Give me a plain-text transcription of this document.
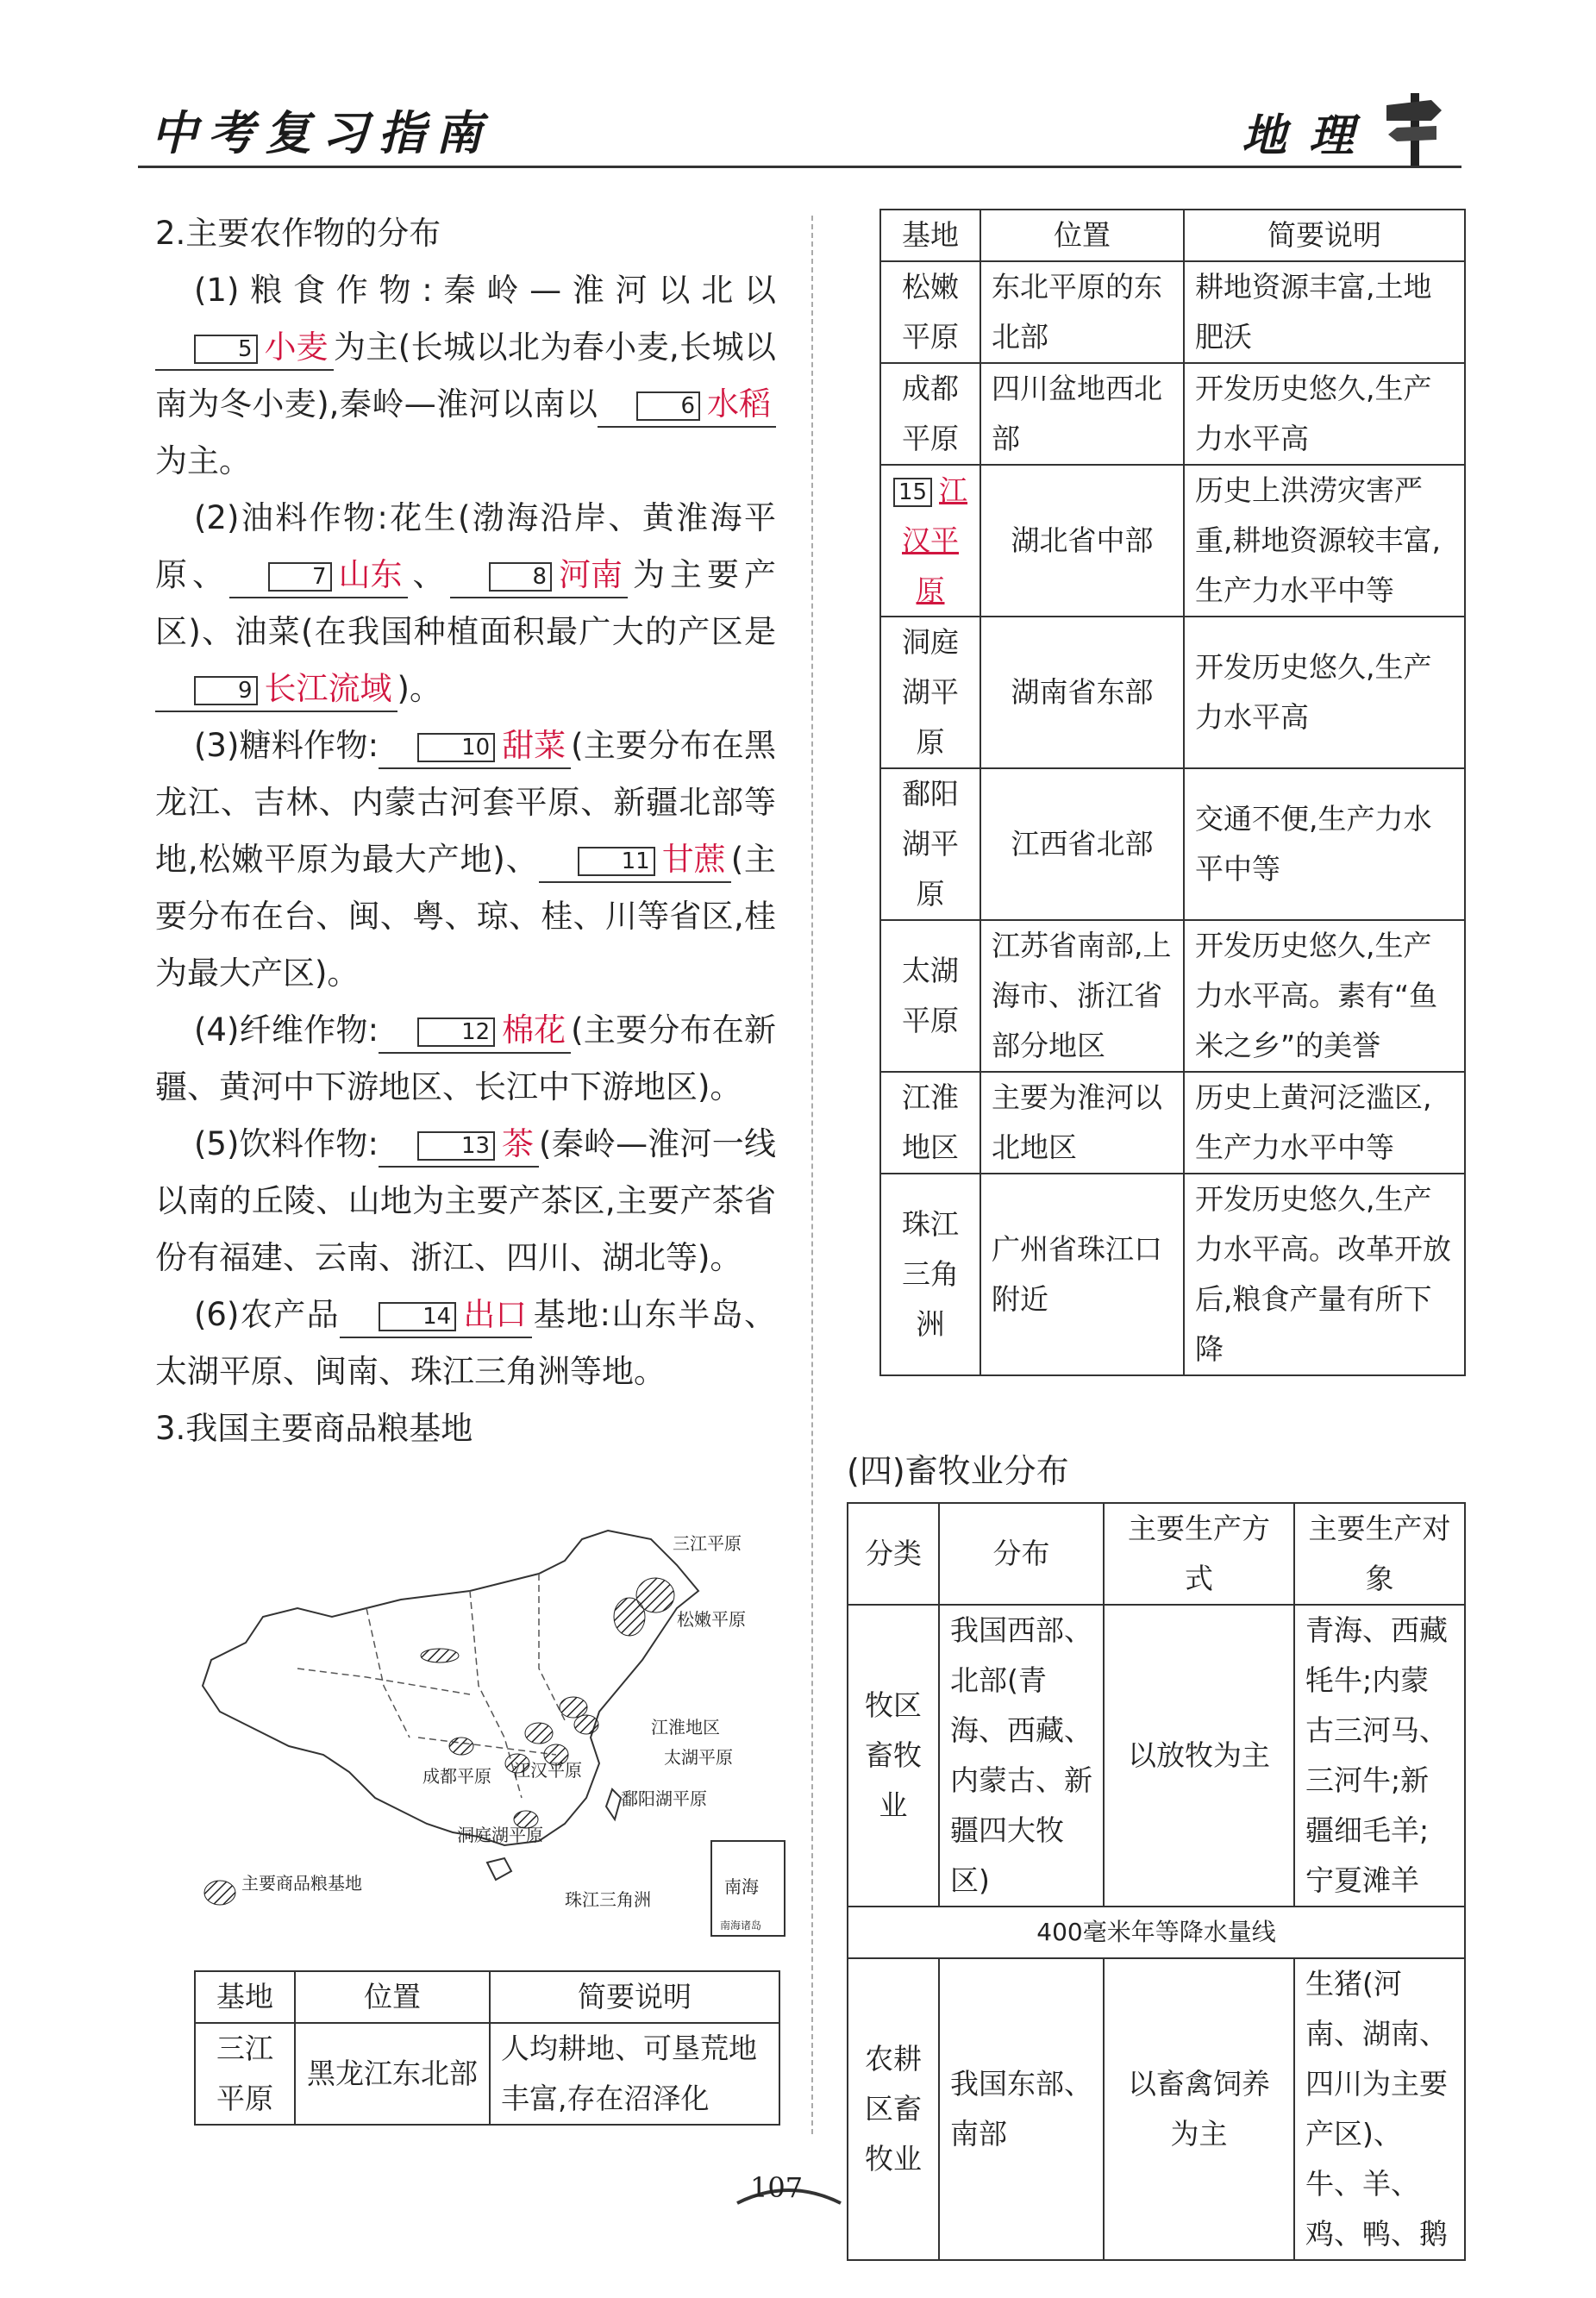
中考复习指南	地理

2.主要农作物的分布

(1)粮食作物:秦岭—淮河以北以5 小麦 为主(长城以北为春小麦,长城以南为冬小麦),秦岭—淮河以南以	6 水稻为主。

(2)油料作物:花生(渤海沿岸、黄淮海平原、	7 山东 、	8 河南 为主要产区)、油菜(在我国种植面积最广大的产区是9 长江流域 )。

(3)糖料作物:	10 甜菜 (主要分布在黑龙江、吉林、内蒙古河套平原、新疆北部等地,松嫩平原为最大产地)、	11 甘蔗 (主要分布在台、闽、粤、琼、桂、川等省区,桂为最大产区)。

(4)纤维作物:	12 棉花 (主要分布在新疆、黄河中下游地区、长江中下游地区)。

(5)饮料作物:	13 茶 (秦岭—淮河一线以南的丘陵、山地为主要产茶区,主要产茶省份有福建、云南、浙江、四川、湖北等)。

(6)农产品	14 出口 基地:山东半岛、太湖平原、闽南、珠江三角洲等地。

3.我国主要商品粮基地

三江平原
松嫩平原
江淮地区
太湖平原
江汉平原
成都平原
鄱阳湖平原
洞庭湖平原
珠江三角洲
南海
南海诸岛
主要商品粮基地
基地	位置	简要说明
三江平原	黑龙江东北部	人均耕地、可垦荒地丰富,存在沼泽化
基地	位置	简要说明
松嫩平原	东北平原的东北部	耕地资源丰富,土地肥沃
成都平原	四川盆地西北部	开发历史悠久,生产力水平高
15 江汉平原	湖北省中部	历史上洪涝灾害严重,耕地资源较丰富,生产力水平中等
洞庭湖平原	湖南省东部	开发历史悠久,生产力水平高
鄱阳湖平原	江西省北部	交通不便,生产力水平中等
太湖平原	江苏省南部,上海市、浙江省部分地区	开发历史悠久,生产力水平高。素有“鱼米之乡”的美誉
江淮地区	主要为淮河以北地区	历史上黄河泛滥区,生产力水平中等
珠江三角洲	广州省珠江口附近	开发历史悠久,生产力水平高。改革开放后,粮食产量有所下降
(四)畜牧业分布
分类	分布	主要生产方式	主要生产对象
牧区畜牧业	我国西部、北部(青海、西藏、内蒙古、新疆四大牧区)	以放牧为主	青海、西藏牦牛;内蒙古三河马、三河牛;新疆细毛羊;宁夏滩羊
400毫米年等降水量线			
农耕区畜牧业	我国东部、南部	以畜禽饲养为主	生猪(河南、湖南、四川为主要产区)、牛、羊、鸡、鸭、鹅
107
